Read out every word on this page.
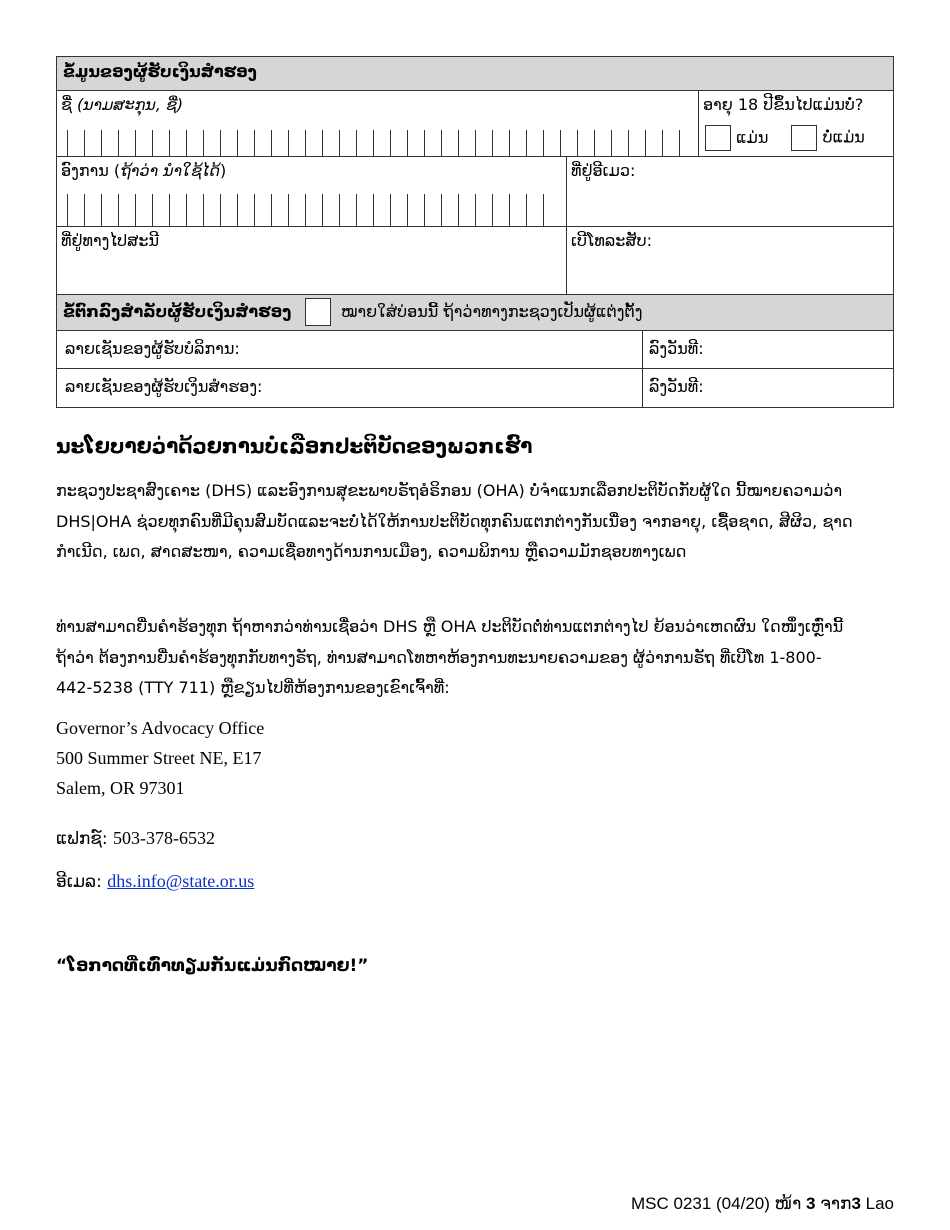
ຂໍ້ມູນຂອງຜູ້ຮັບເງິນສໍາຮອງ
ຊື່ (ນາມສະກຸນ, ຊື່)	ອາຍຸ 18 ປີຂຶ້ນໄປແມ່ນບໍ່?
ແມ່ນ	ບໍ່ແມ່ນ
ອົງການ (ຖ້າວ່າ ນໍາໃຊ້ໄດ້)	ທີ່ຢູ່ອີເມວ:
ທີ່ຢູ່ທາງໄປສະນີ	ເບີໂທລະສັບ:
ຂໍ້ຕົກລົງສໍາລັບຜູ້ຮັບເງິນສໍາຮອງ	ໝາຍໃສ່ບ່ອນນີ້ ຖ້າວ່າທາງກະຊວງເປັນຜູ້ແຕ່ງຕັ້ງ
ລາຍເຊັນຂອງຜູ້ຮັບບໍລິການ:	ລົງວັນທີ:
ລາຍເຊັນຂອງຜູ້ຮັບເງິນສໍາຮອງ:	ລົງວັນທີ:
ນະໂຍບາຍວ່າດ້ວຍການບໍ່ເລືອກປະຕິບັດຂອງພວກເຮົາ
ກະຊວງປະຊາສົງເຄາະ (DHS) ແລະອົງການສຸຂະພາບຣັຖອໍຣິກອນ (OHA) ບໍ່ຈໍາແນກເລືອກປະຕິບັດກັບຜູ້ໃດ ນີ້ໝາຍຄວາມວ່າ DHS|OHA ຊ່ວຍທຸກຄົນທີ່ມີຄຸນສົມບັດແລະຈະບໍ່ໄດ້ໃຫ້ການປະຕິບັດທຸກຄົນແຕກຕ່າງກັນເນື່ອງ ຈາກອາຍຸ, ເຊື້ອຊາດ, ສີຜິວ, ຊາດກໍາເນີດ, ເພດ, ສາດສະໜາ, ຄວາມເຊື່ອທາງດ້ານການເມືອງ, ຄວາມພິການ ຫຼືຄວາມມັກຊອບທາງເພດ
ທ່ານສາມາດຍື່ນຄໍາຮ້ອງທຸກ ຖ້າຫາກວ່າທ່ານເຊື່ອວ່າ DHS ຫຼື OHA ປະຕິບັດຕໍ່ທ່ານແຕກຕ່າງໄປ ຍ້ອນວ່າເຫດຜົນ ໃດໜຶ່ງເຫຼົ່ານີ້ ຖ້າວ່າ ຕ້ອງການຍື່ນຄໍາຮ້ອງທຸກກັບທາງຣັຖ, ທ່ານສາມາດໂທຫາຫ້ອງການທະນາຍຄວາມຂອງ ຜູ້ວ່າການຣັຖ ທີ່ເບີໂທ 1-800-442-5238 (TTY 711) ຫຼືຂຽນໄປທີ່ຫ້ອງການຂອງເຂົາເຈົ້າທີ່:
Governor’s Advocacy Office
500 Summer Street NE, E17
Salem, OR 97301
ແຟກຊ໌: 503-378-6532
ອີເມລ: dhs.info@state.or.us
“ໂອກາດທີ່ເທົ່າທຽມກັນແມ່ນກົດໝາຍ!”
MSC 0231 (04/20) ໜ້າ 3 ຈາກ3 Lao
